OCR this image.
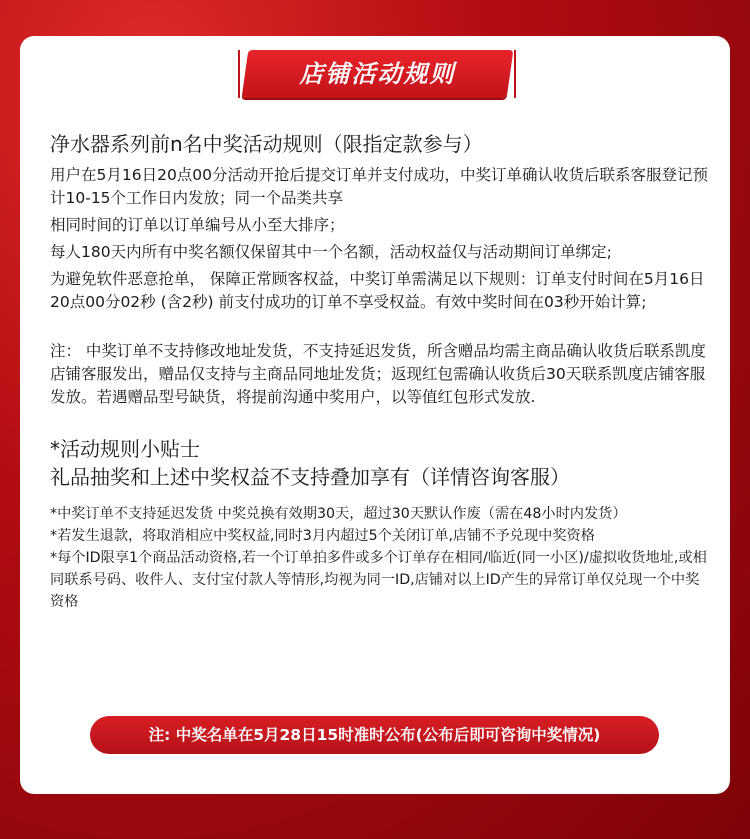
店铺活动规则
净水器系列前n名中奖活动规则（限指定款参与）
用户在5月16日20点00分活动开抢后提交订单并支付成功，中奖订单确认收货后联系客服登记预计10-15个工作日内发放；同一个品类共享
相同时间的订单以订单编号从小至大排序；
每人180天内所有中奖名额仅保留其中一个名额，活动权益仅与活动期间订单绑定;
为避免软件恶意抢单， 保障正常顾客权益，中奖订单需满足以下规则：订单支付时间在5月16日20点00分02秒 (含2秒) 前支付成功的订单不享受权益。有效中奖时间在03秒开始计算;
注： 中奖订单不支持修改地址发货，不支持延迟发货，所含赠品均需主商品确认收货后联系凯度店铺客服发出，赠品仅支持与主商品同地址发货；返现红包需确认收货后30天联系凯度店铺客服发放。若遇赠品型号缺货，将提前沟通中奖用户，以等值红包形式发放.
*活动规则小贴士
礼品抽奖和上述中奖权益不支持叠加享有（详情咨询客服）
*中奖订单不支持延迟发货 中奖兑换有效期30天，超过30天默认作废（需在48小时内发货）
*若发生退款，将取消相应中奖权益,同时3月内超过5个关闭订单,店铺不予兑现中奖资格
*每个ID限享1个商品活动资格,若一个订单拍多件或多个订单存在相同/临近(同一小区)/虚拟收货地址,或相同联系号码、收件人、支付宝付款人等情形,均视为同一ID,店铺对以上ID产生的异常订单仅兑现一个中奖资格
注: 中奖名单在5月28日15时准时公布(公布后即可咨询中奖情况)
